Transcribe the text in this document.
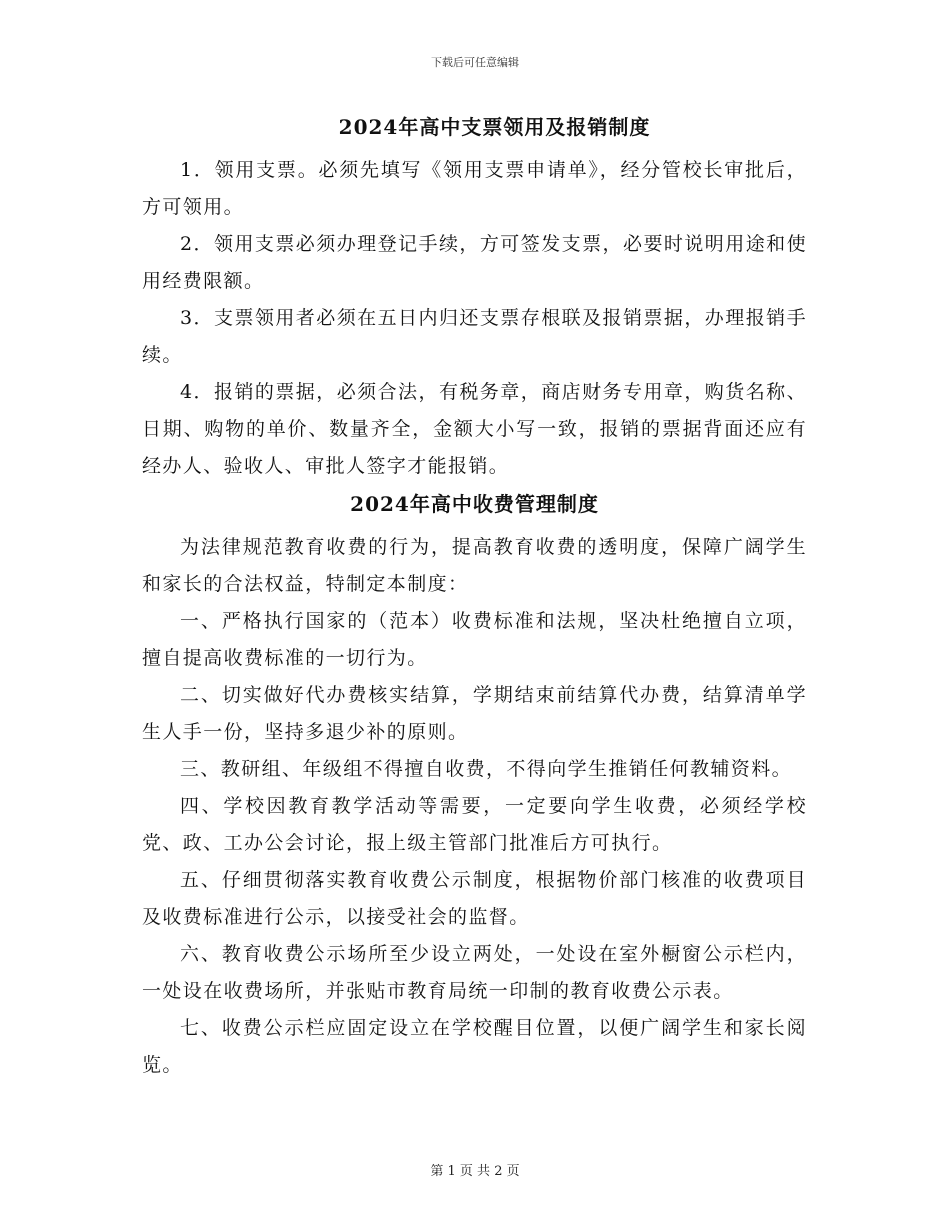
下载后可任意编辑
2024年高中支票领用及报销制度

1．领用支票。必须先填写《领用支票申请单》，经分管校长审批后，方可领用。

2．领用支票必须办理登记手续，方可签发支票，必要时说明用途和使用经费限额。

3．支票领用者必须在五日内归还支票存根联及报销票据，办理报销手续。

4．报销的票据，必须合法，有税务章，商店财务专用章，购货名称、日期、购物的单价、数量齐全，金额大小写一致，报销的票据背面还应有经办人、验收人、审批人签字才能报销。

2024年高中收费管理制度

为法律规范教育收费的行为，提高教育收费的透明度，保障广阔学生和家长的合法权益，特制定本制度：

一、严格执行国家的（范本）收费标准和法规，坚决杜绝擅自立项，擅自提高收费标准的一切行为。

二、切实做好代办费核实结算，学期结束前结算代办费，结算清单学生人手一份，坚持多退少补的原则。

三、教研组、年级组不得擅自收费，不得向学生推销任何教辅资料。

四、学校因教育教学活动等需要，一定要向学生收费，必须经学校党、政、工办公会讨论，报上级主管部门批准后方可执行。

五、仔细贯彻落实教育收费公示制度，根据物价部门核准的收费项目及收费标准进行公示，以接受社会的监督。

六、教育收费公示场所至少设立两处，一处设在室外橱窗公示栏内，一处设在收费场所，并张贴市教育局统一印制的教育收费公示表。

七、收费公示栏应固定设立在学校醒目位置，以便广阔学生和家长阅览。

第 1 页 共 2 页
